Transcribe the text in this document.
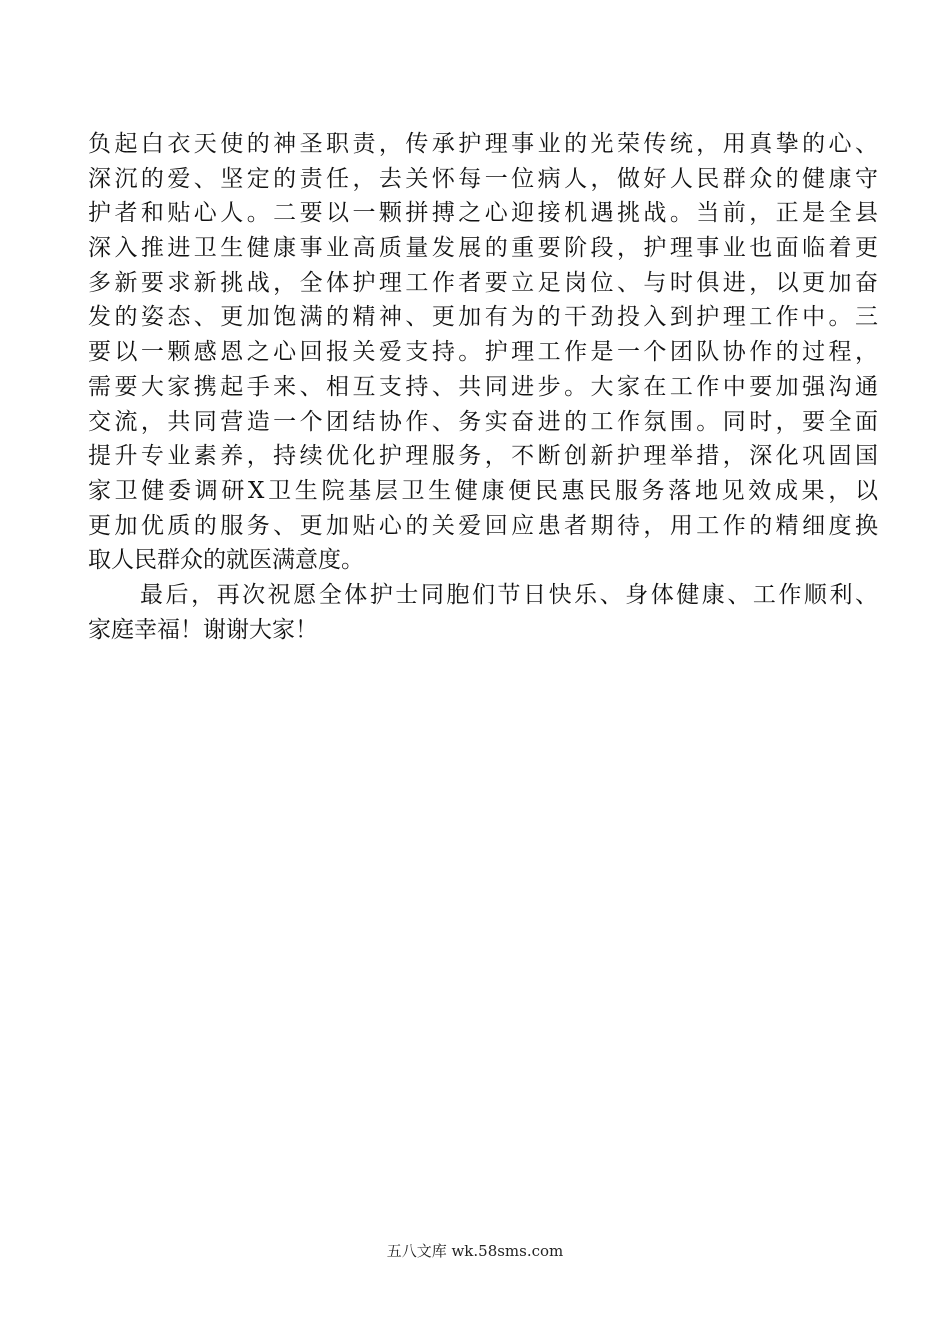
负起白衣天使的神圣职责，传承护理事业的光荣传统，用真挚的心、
深沉的爱、坚定的责任，去关怀每一位病人，做好人民群众的健康守
护者和贴心人。二要以一颗拼搏之心迎接机遇挑战。当前，正是全县
深入推进卫生健康事业高质量发展的重要阶段，护理事业也面临着更
多新要求新挑战，全体护理工作者要立足岗位、与时俱进，以更加奋
发的姿态、更加饱满的精神、更加有为的干劲投入到护理工作中。三
要以一颗感恩之心回报关爱支持。护理工作是一个团队协作的过程，
需要大家携起手来、相互支持、共同进步。大家在工作中要加强沟通
交流，共同营造一个团结协作、务实奋进的工作氛围。同时，要全面
提升专业素养，持续优化护理服务，不断创新护理举措，深化巩固国
家卫健委调研X卫生院基层卫生健康便民惠民服务落地见效成果，以
更加优质的服务、更加贴心的关爱回应患者期待，用工作的精细度换
取人民群众的就医满意度。
最后，再次祝愿全体护士同胞们节日快乐、身体健康、工作顺利、
家庭幸福！谢谢大家！
五八文库 wk.58sms.com
